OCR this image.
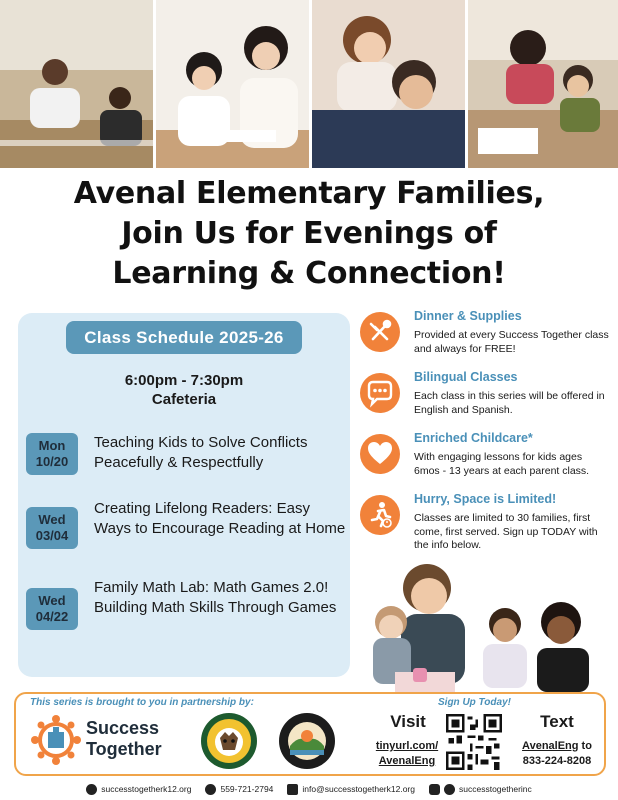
Avenal Elementary Families,
Join Us for Evenings of
Learning & Connection!
Class Schedule 2025-26
6:00pm - 7:30pm
Cafeteria
Mon
10/20
Teaching Kids to Solve Conflicts Peacefully & Respectfully
Wed
03/04
Creating Lifelong Readers: Easy Ways to Encourage Reading at Home
Wed
04/22
Family Math Lab: Math Games 2.0! Building Math Skills Through Games
Dinner & Supplies
Provided at every Success Together class and always for FREE!
Bilingual Classes
Each class in this series will be offered in English and Spanish.
Enriched Childcare*
With engaging lessons for kids ages 6mos - 13 years at each parent class.
Hurry, Space is Limited!
Classes are limited to 30 families, first come, first served. Sign up TODAY with the info below.
This series is brought to you in partnership by:	Sign Up Today!
Success
Together
Visit
tinyurl.com/
AvenalEng
Text
AvenalEng to
833-224-8208
successtogetherk12.org	559-721-2794	info@successtogetherk12.org	successtogetherinc
